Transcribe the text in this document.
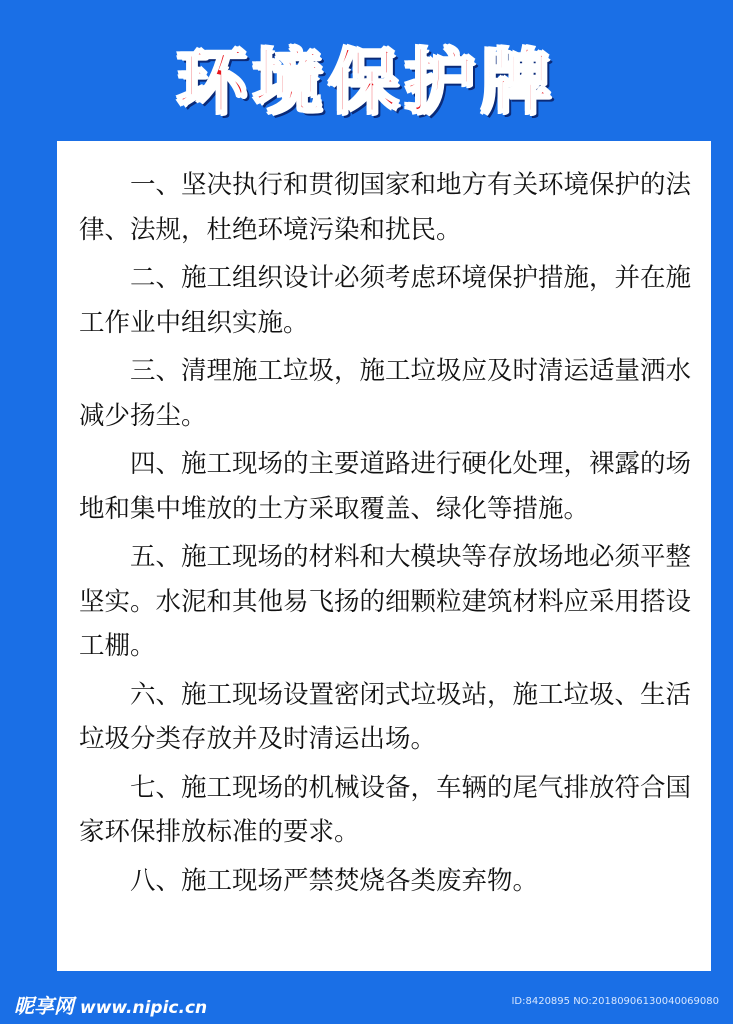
环境保护牌

一、坚决执行和贯彻国家和地方有关环境保护的法律、法规，杜绝环境污染和扰民。

二、施工组织设计必须考虑环境保护措施，并在施工作业中组织实施。

三、清理施工垃圾，施工垃圾应及时清运适量洒水减少扬尘。

四、施工现场的主要道路进行硬化处理，裸露的场地和集中堆放的土方采取覆盖、绿化等措施。

五、施工现场的材料和大模块等存放场地必须平整坚实。水泥和其他易飞扬的细颗粒建筑材料应采用搭设工棚。

六、施工现场设置密闭式垃圾站，施工垃圾、生活垃圾分类存放并及时清运出场。

七、施工现场的机械设备，车辆的尾气排放符合国家环保排放标准的要求。

八、施工现场严禁焚烧各类废弃物。

昵享网 www.nipic.cn	ID:8420895 NO:20180906130040069080
